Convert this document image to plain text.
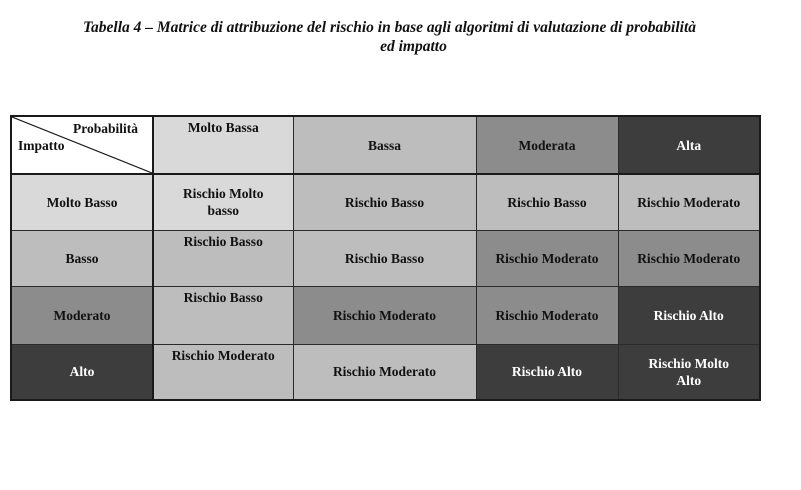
Tabella 4 – Matrice di attribuzione del rischio in base agli algoritmi di valutazione di probabilità
ed impatto
Probabilità
Impatto	Molto Bassa	Bassa	Moderata	Alta
Molto Basso	Rischio Molto basso	Rischio Basso	Rischio Basso	Rischio Moderato
Basso	Rischio Basso	Rischio Basso	Rischio Moderato	Rischio Moderato
Moderato	Rischio Basso	Rischio Moderato	Rischio Moderato	Rischio Alto
Alto	Rischio Moderato	Rischio Moderato	Rischio Alto	Rischio Molto Alto
